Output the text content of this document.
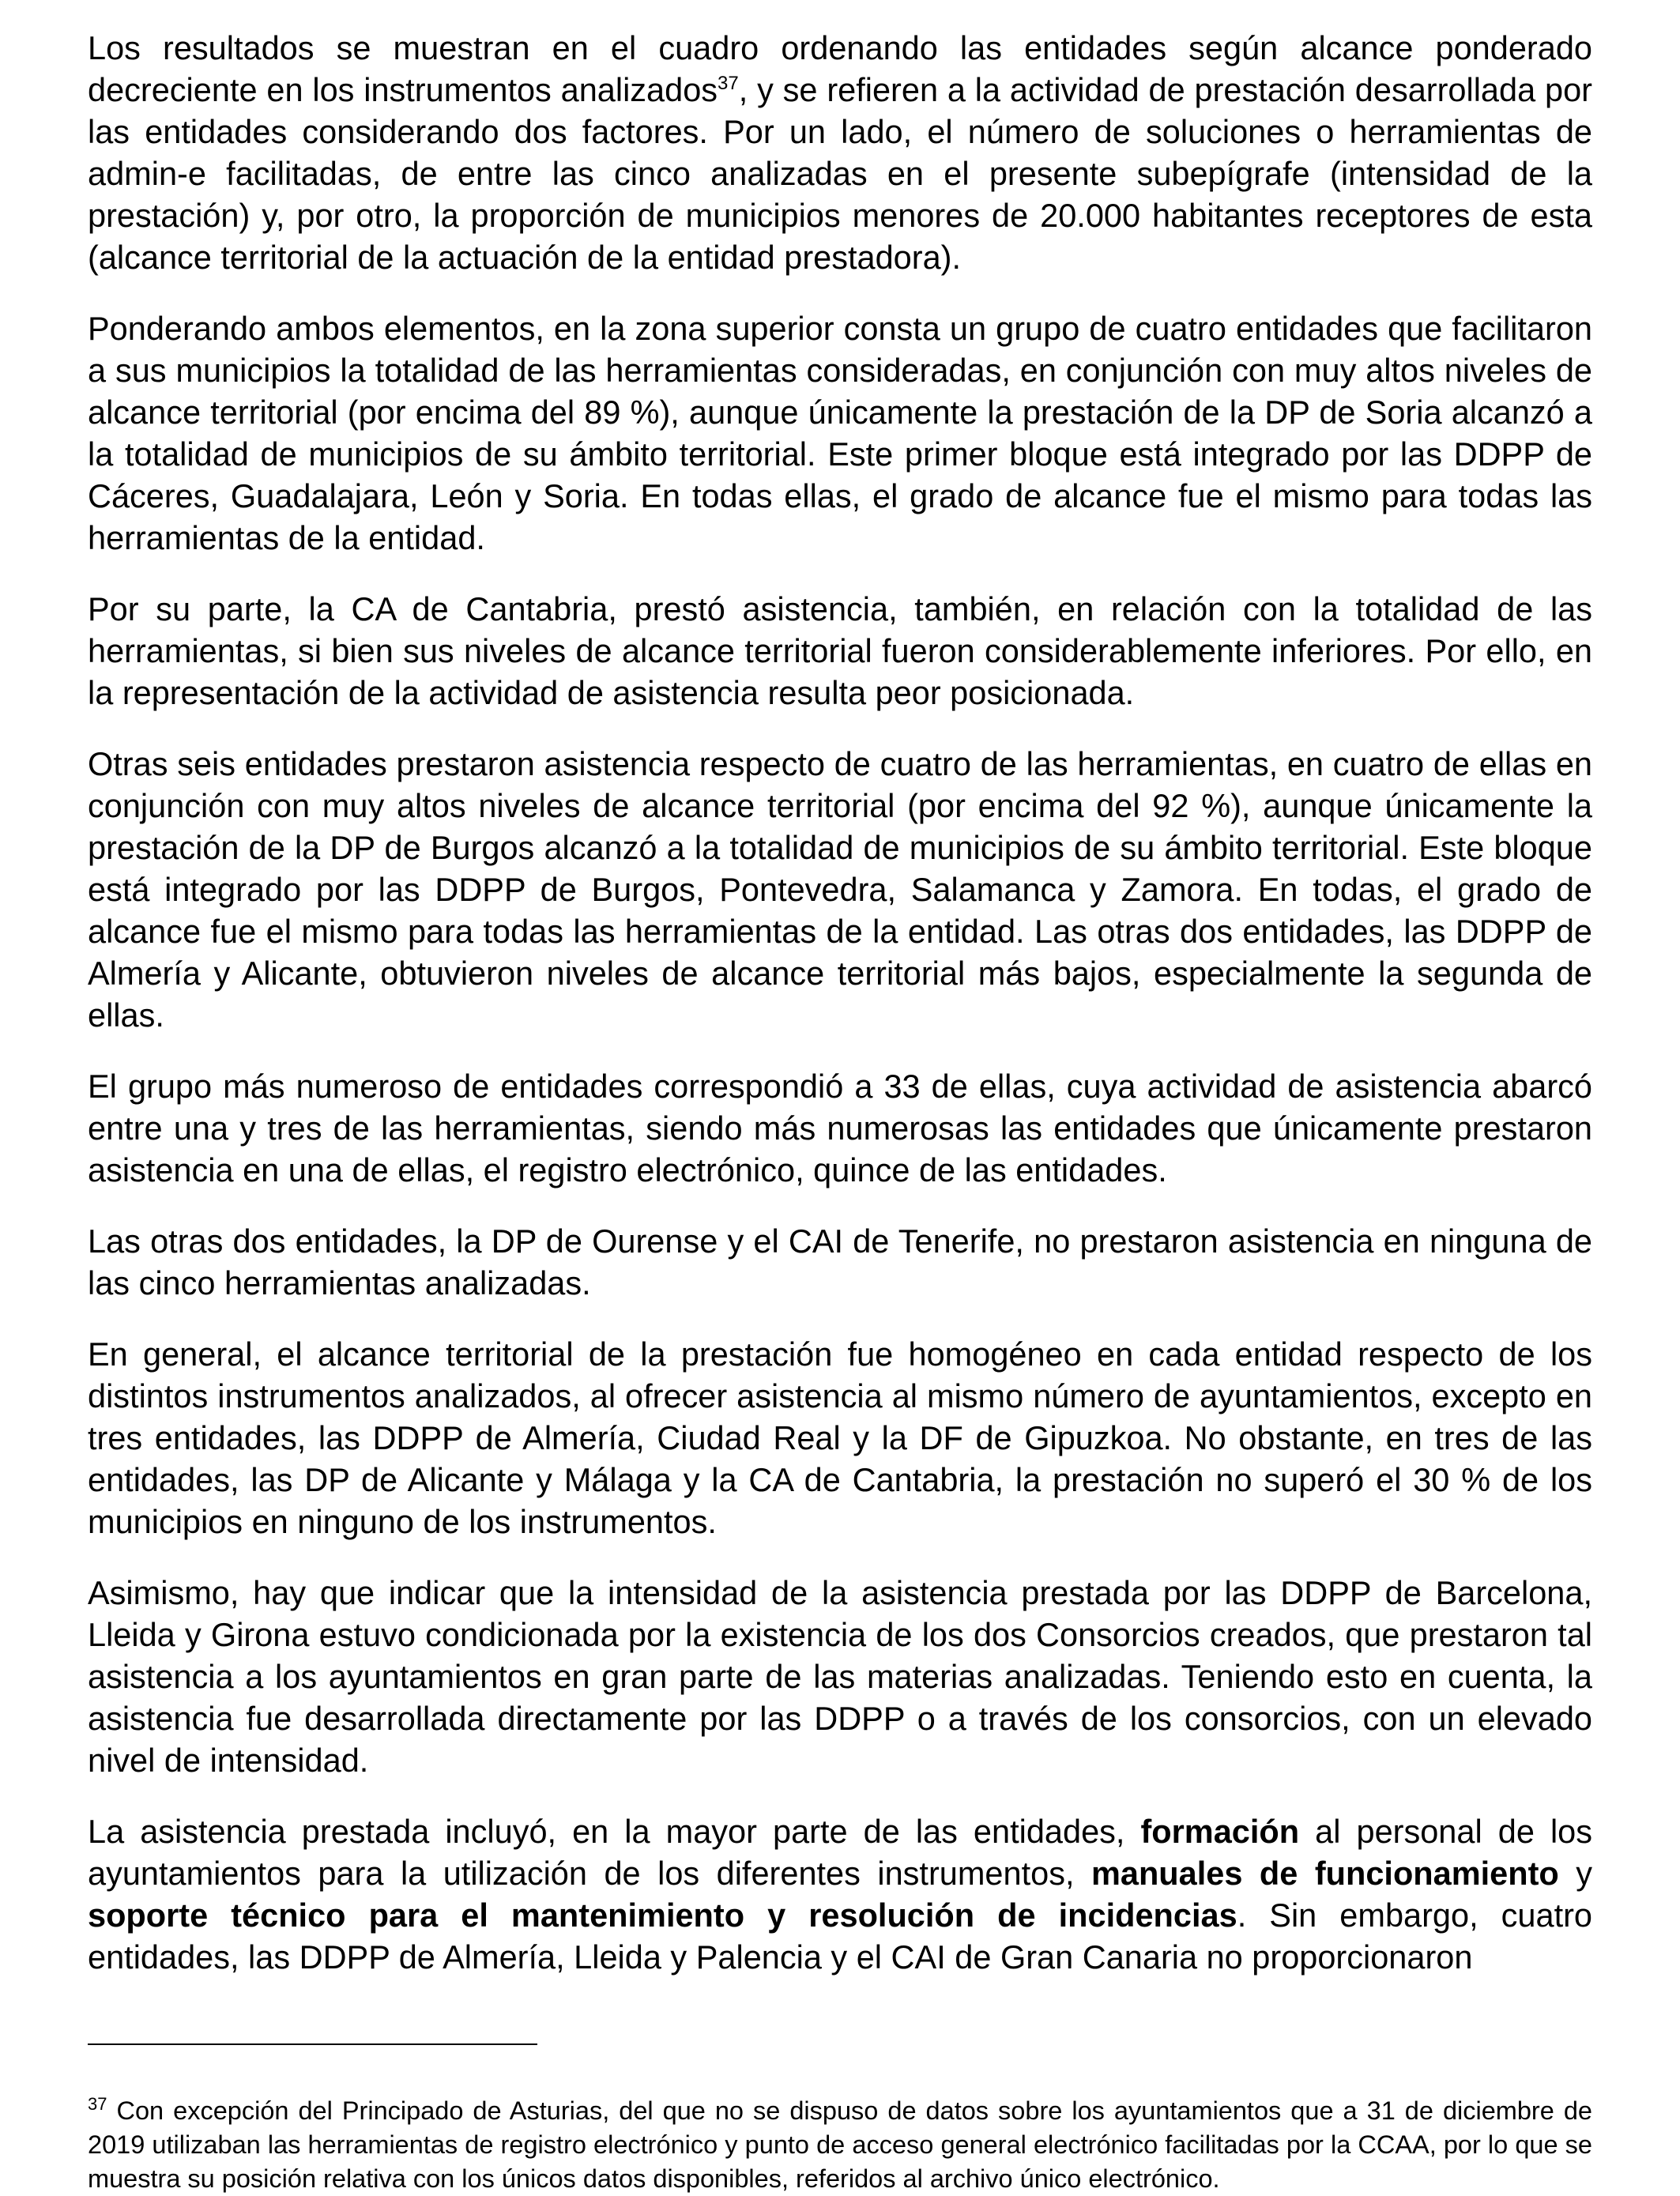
Los resultados se muestran en el cuadro ordenando las entidades según alcance ponderado decreciente en los instrumentos analizados$^{37}$, y se refieren a la actividad de prestación desarrollada por las entidades considerando dos factores. Por un lado, el número de soluciones o herramientas de admin-e facilitadas, de entre las cinco analizadas en el presente subepígrafe (intensidad de la prestación) y, por otro, la proporción de municipios menores de 20.000 habitantes receptores de esta (alcance territorial de la actuación de la entidad prestadora).

Ponderando ambos elementos, en la zona superior consta un grupo de cuatro entidades que facilitaron a sus municipios la totalidad de las herramientas consideradas, en conjunción con muy altos niveles de alcance territorial (por encima del 89 %), aunque únicamente la prestación de la DP de Soria alcanzó a la totalidad de municipios de su ámbito territorial. Este primer bloque está integrado por las DDPP de Cáceres, Guadalajara, León y Soria. En todas ellas, el grado de alcance fue el mismo para todas las herramientas de la entidad.

Por su parte, la CA de Cantabria, prestó asistencia, también, en relación con la totalidad de las herramientas, si bien sus niveles de alcance territorial fueron considerablemente inferiores. Por ello, en la representación de la actividad de asistencia resulta peor posicionada.

Otras seis entidades prestaron asistencia respecto de cuatro de las herramientas, en cuatro de ellas en conjunción con muy altos niveles de alcance territorial (por encima del 92 %), aunque únicamente la prestación de la DP de Burgos alcanzó a la totalidad de municipios de su ámbito territorial. Este bloque está integrado por las DDPP de Burgos, Pontevedra, Salamanca y Zamora. En todas, el grado de alcance fue el mismo para todas las herramientas de la entidad. Las otras dos entidades, las DDPP de Almería y Alicante, obtuvieron niveles de alcance territorial más bajos, especialmente la segunda de ellas.

El grupo más numeroso de entidades correspondió a 33 de ellas, cuya actividad de asistencia abarcó entre una y tres de las herramientas, siendo más numerosas las entidades que únicamente prestaron asistencia en una de ellas, el registro electrónico, quince de las entidades.

Las otras dos entidades, la DP de Ourense y el CAI de Tenerife, no prestaron asistencia en ninguna de las cinco herramientas analizadas.

En general, el alcance territorial de la prestación fue homogéneo en cada entidad respecto de los distintos instrumentos analizados, al ofrecer asistencia al mismo número de ayuntamientos, excepto en tres entidades, las DDPP de Almería, Ciudad Real y la DF de Gipuzkoa. No obstante, en tres de las entidades, las DP de Alicante y Málaga y la CA de Cantabria, la prestación no superó el 30 % de los municipios en ninguno de los instrumentos.

Asimismo, hay que indicar que la intensidad de la asistencia prestada por las DDPP de Barcelona, Lleida y Girona estuvo condicionada por la existencia de los dos Consorcios creados, que prestaron tal asistencia a los ayuntamientos en gran parte de las materias analizadas. Teniendo esto en cuenta, la asistencia fue desarrollada directamente por las DDPP o a través de los consorcios, con un elevado nivel de intensidad.

La asistencia prestada incluyó, en la mayor parte de las entidades, formación al personal de los ayuntamientos para la utilización de los diferentes instrumentos, manuales de funcionamiento y soporte técnico para el mantenimiento y resolución de incidencias. Sin embargo, cuatro entidades, las DDPP de Almería, Lleida y Palencia y el CAI de Gran Canaria no proporcionaron

$^{37}$ Con excepción del Principado de Asturias, del que no se dispuso de datos sobre los ayuntamientos que a 31 de diciembre de 2019 utilizaban las herramientas de registro electrónico y punto de acceso general electrónico facilitadas por la CCAA, por lo que se muestra su posición relativa con los únicos datos disponibles, referidos al archivo único electrónico.
